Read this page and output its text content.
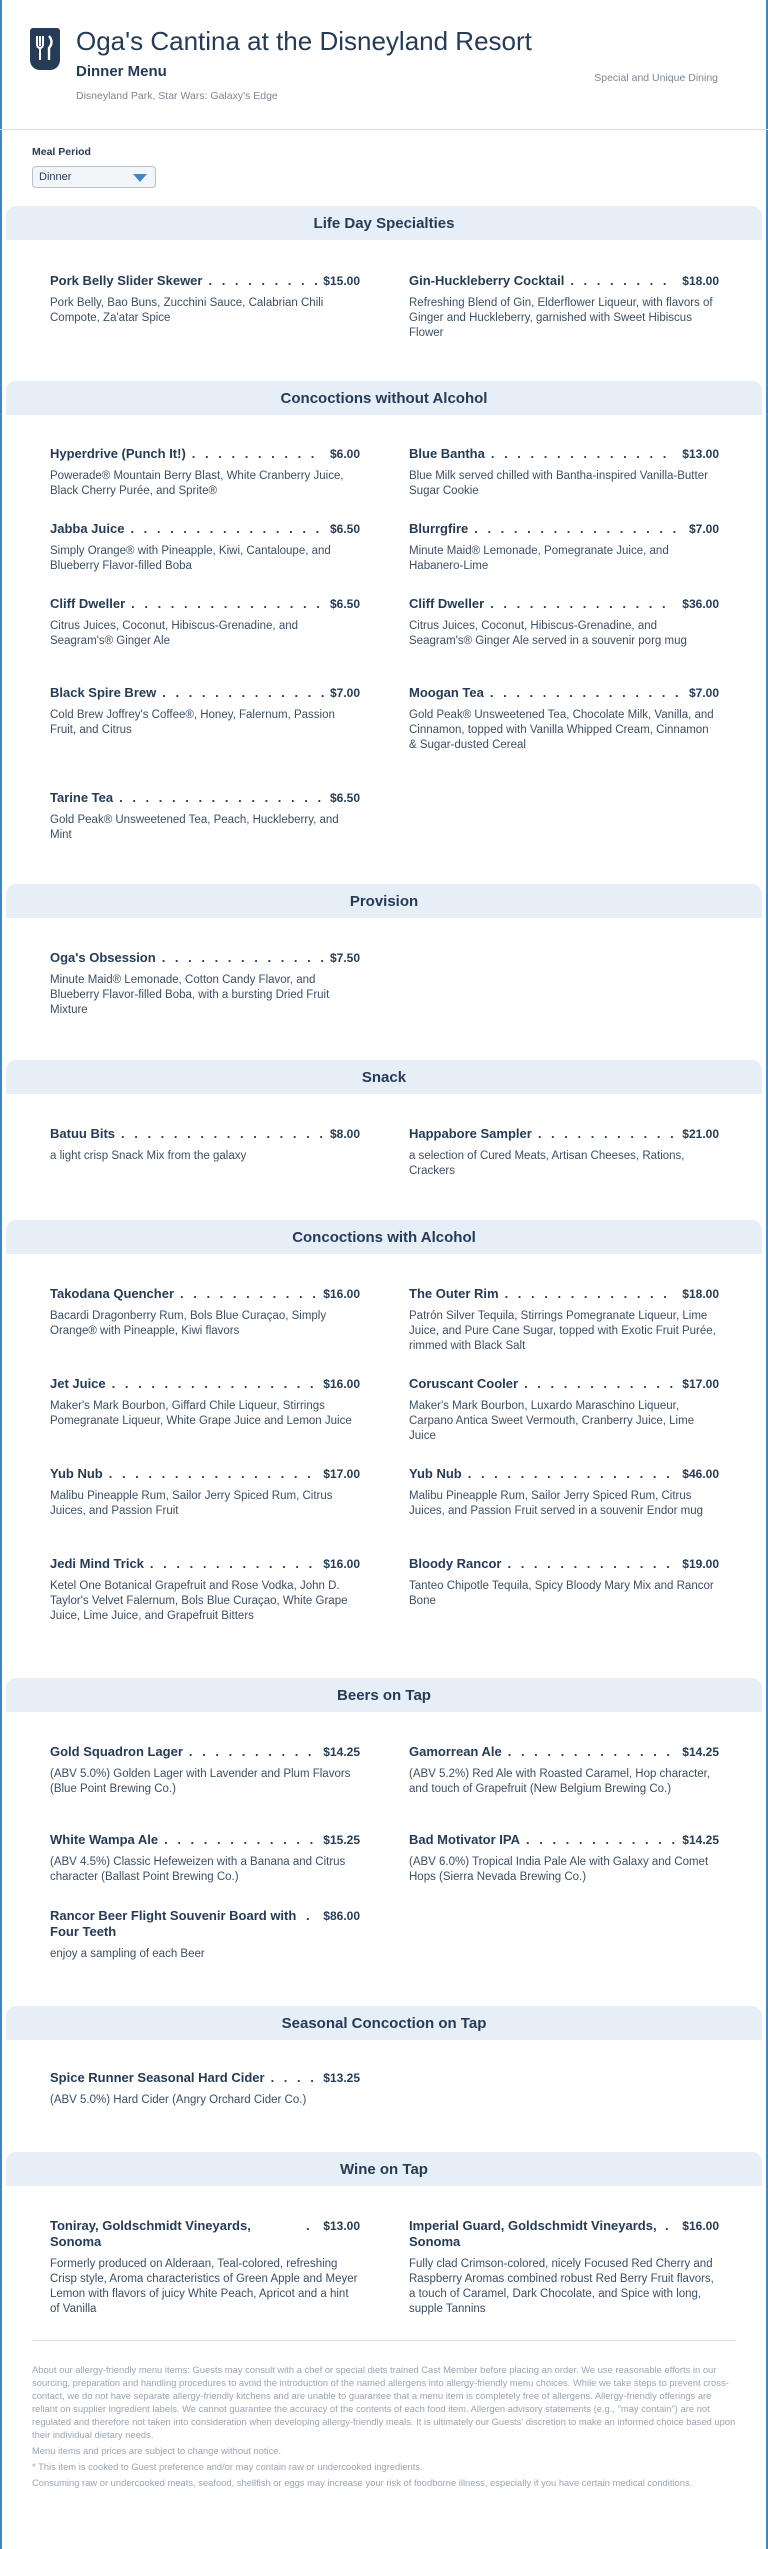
Oga's Cantina at the Disneyland Resort
Dinner Menu
Disneyland Park, Star Wars: Galaxy's Edge
Special and Unique Dining
Meal Period
Dinner
Life Day Specialties
Pork Belly Slider Skewer . . .	$15.00
Pork Belly, Bao Buns, Zucchini Sauce, Calabrian Chili Compote, Za'atar Spice
Gin-Huckleberry Cocktail . . .	$18.00
Refreshing Blend of Gin, Elderflower Liqueur, with flavors of Ginger and Huckleberry, garnished with Sweet Hibiscus Flower
Concoctions without Alcohol
Hyperdrive (Punch It!) . . .	$6.00
Powerade® Mountain Berry Blast, White Cranberry Juice, Black Cherry Purée, and Sprite®
Blue Bantha . . .	$13.00
Blue Milk served chilled with Bantha-inspired Vanilla-Butter Sugar Cookie
Jabba Juice . . .	$6.50
Simply Orange® with Pineapple, Kiwi, Cantaloupe, and Blueberry Flavor-filled Boba
Blurrgfire . . .	$7.00
Minute Maid® Lemonade, Pomegranate Juice, and Habanero-Lime
Cliff Dweller . . .	$6.50
Citrus Juices, Coconut, Hibiscus-Grenadine, and Seagram's® Ginger Ale
Cliff Dweller . . .	$36.00
Citrus Juices, Coconut, Hibiscus-Grenadine, and Seagram's® Ginger Ale served in a souvenir porg mug
Black Spire Brew . . .	$7.00
Cold Brew Joffrey's Coffee®, Honey, Falernum, Passion Fruit, and Citrus
Moogan Tea . . .	$7.00
Gold Peak® Unsweetened Tea, Chocolate Milk, Vanilla, and Cinnamon, topped with Vanilla Whipped Cream, Cinnamon & Sugar-dusted Cereal
Tarine Tea . . .	$6.50
Gold Peak® Unsweetened Tea, Peach, Huckleberry, and Mint
Provision
Oga's Obsession . . .	$7.50
Minute Maid® Lemonade, Cotton Candy Flavor, and Blueberry Flavor-filled Boba, with a bursting Dried Fruit Mixture
Snack
Batuu Bits . . .	$8.00
a light crisp Snack Mix from the galaxy
Happabore Sampler . . .	$21.00
a selection of Cured Meats, Artisan Cheeses, Rations, Crackers
Concoctions with Alcohol
Takodana Quencher . . .	$16.00
Bacardi Dragonberry Rum, Bols Blue Curaçao, Simply Orange® with Pineapple, Kiwi flavors
The Outer Rim . . .	$18.00
Patrón Silver Tequila, Stirrings Pomegranate Liqueur, Lime Juice, and Pure Cane Sugar, topped with Exotic Fruit Purée, rimmed with Black Salt
Jet Juice . . .	$16.00
Maker's Mark Bourbon, Giffard Chile Liqueur, Stirrings Pomegranate Liqueur, White Grape Juice and Lemon Juice
Coruscant Cooler . . .	$17.00
Maker's Mark Bourbon, Luxardo Maraschino Liqueur, Carpano Antica Sweet Vermouth, Cranberry Juice, Lime Juice
Yub Nub . . .	$17.00
Malibu Pineapple Rum, Sailor Jerry Spiced Rum, Citrus Juices, and Passion Fruit
Yub Nub . . .	$46.00
Malibu Pineapple Rum, Sailor Jerry Spiced Rum, Citrus Juices, and Passion Fruit served in a souvenir Endor mug
Jedi Mind Trick . . .	$16.00
Ketel One Botanical Grapefruit and Rose Vodka, John D. Taylor's Velvet Falernum, Bols Blue Curaçao, White Grape Juice, Lime Juice, and Grapefruit Bitters
Bloody Rancor . . .	$19.00
Tanteo Chipotle Tequila, Spicy Bloody Mary Mix and Rancor Bone
Beers on Tap
Gold Squadron Lager . . .	$14.25
(ABV 5.0%) Golden Lager with Lavender and Plum Flavors (Blue Point Brewing Co.)
Gamorrean Ale . . .	$14.25
(ABV 5.2%) Red Ale with Roasted Caramel, Hop character, and touch of Grapefruit (New Belgium Brewing Co.)
White Wampa Ale . . .	$15.25
(ABV 4.5%) Classic Hefeweizen with a Banana and Citrus character (Ballast Point Brewing Co.)
Bad Motivator IPA . . .	$14.25
(ABV 6.0%) Tropical India Pale Ale with Galaxy and Comet Hops (Sierra Nevada Brewing Co.)
Rancor Beer Flight Souvenir Board with Four Teeth
. . .
$86.00
enjoy a sampling of each Beer
Seasonal Concoction on Tap
Spice Runner Seasonal Hard Cider . . .	$13.25
(ABV 5.0%) Hard Cider (Angry Orchard Cider Co.)
Wine on Tap
Toniray, Goldschmidt Vineyards, Sonoma
. . .
$13.00
Formerly produced on Alderaan, Teal-colored, refreshing Crisp style, Aroma characteristics of Green Apple and Meyer Lemon with flavors of juicy White Peach, Apricot and a hint of Vanilla
Imperial Guard, Goldschmidt Vineyards, Sonoma
. . .
$16.00
Fully clad Crimson-colored, nicely Focused Red Cherry and Raspberry Aromas combined robust Red Berry Fruit flavors, a touch of Caramel, Dark Chocolate, and Spice with long, supple Tannins

About our allergy-friendly menu items: Guests may consult with a chef or special diets trained Cast Member before placing an order. We use reasonable efforts in our sourcing, preparation and handling procedures to avoid the introduction of the named allergens into allergy-friendly menu choices. While we take steps to prevent cross-contact, we do not have separate allergy-friendly kitchens and are unable to guarantee that a menu item is completely free of allergens. Allergy-friendly offerings are reliant on supplier ingredient labels. We cannot guarantee the accuracy of the contents of each food item. Allergen advisory statements (e.g., "may contain") are not regulated and therefore not taken into consideration when developing allergy-friendly meals. It is ultimately our Guests' discretion to make an informed choice based upon their individual dietary needs.

Menu items and prices are subject to change without notice.

* This item is cooked to Guest preference and/or may contain raw or undercooked ingredients.

Consuming raw or undercooked meats, seafood, shellfish or eggs may increase your risk of foodborne illness, especially if you have certain medical conditions.
